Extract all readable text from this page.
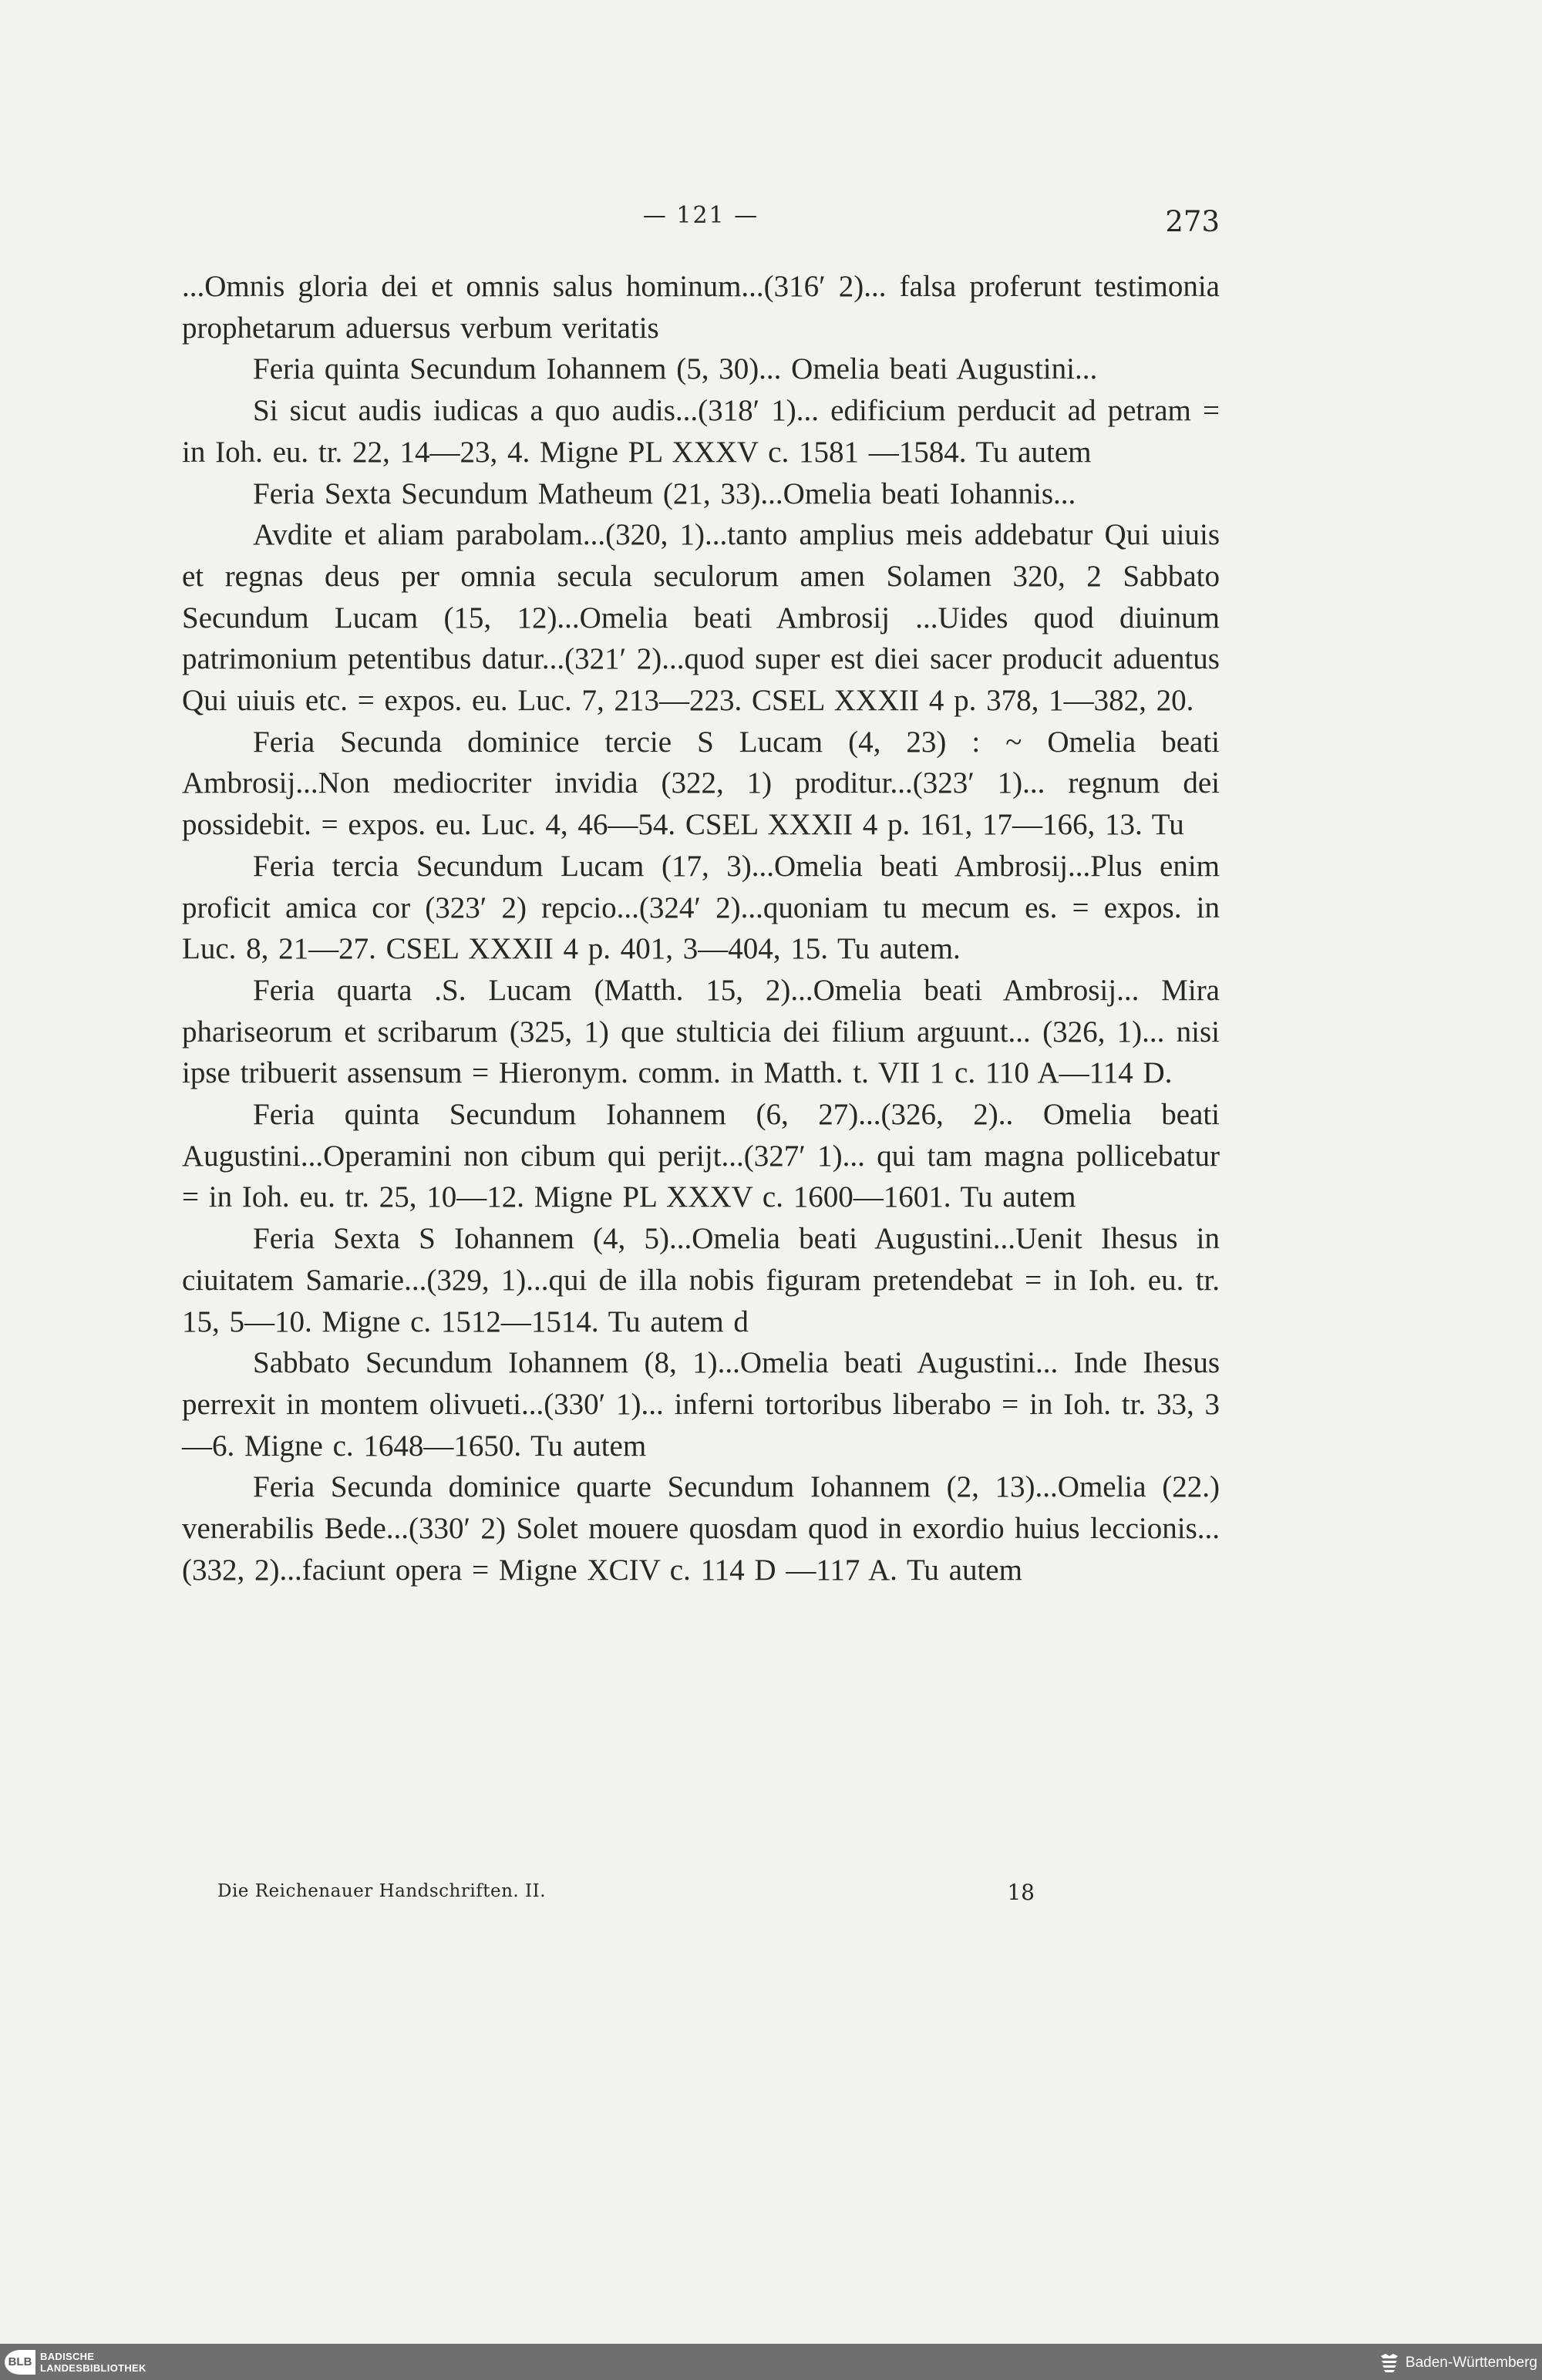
— 121 —	273

...Omnis gloria dei et omnis salus hominum...(316′ 2)... falsa proferunt testimonia prophetarum aduersus verbum veritatis

Feria quinta Secundum Iohannem (5, 30)... Omelia beati Augustini...

Si sicut audis iudicas a quo audis...(318′ 1)... edificium perducit ad petram = in Ioh. eu. tr. 22, 14—23, 4. Migne PL XXXV c. 1581 —1584. Tu autem

Feria Sexta Secundum Matheum (21, 33)...Omelia beati Iohannis...

Avdite et aliam parabolam...(320, 1)...tanto amplius meis addebatur Qui uiuis et regnas deus per omnia secula seculorum amen Solamen 320, 2 Sabbato Secundum Lucam (15, 12)...Omelia beati Ambrosij ...Uides quod diuinum patrimonium petentibus datur...(321′ 2)...quod super est diei sacer producit aduentus Qui uiuis etc. = expos. eu. Luc. 7, 213—223. CSEL XXXII 4 p. 378, 1—382, 20.

Feria Secunda dominice tercie S Lucam (4, 23) : ~ Omelia beati Ambrosij...Non mediocriter invidia (322, 1) proditur...(323′ 1)... regnum dei possidebit. = expos. eu. Luc. 4, 46—54. CSEL XXXII 4 p. 161, 17—166, 13. Tu

Feria tercia Secundum Lucam (17, 3)...Omelia beati Ambrosij...Plus enim proficit amica cor (323′ 2) repcio...(324′ 2)...quoniam tu mecum es. = expos. in Luc. 8, 21—27. CSEL XXXII 4 p. 401, 3—404, 15. Tu autem.

Feria quarta .S. Lucam (Matth. 15, 2)...Omelia beati Ambrosij... Mira phariseorum et scribarum (325, 1) que stulticia dei filium arguunt... (326, 1)... nisi ipse tribuerit assensum = Hieronym. comm. in Matth. t. VII 1 c. 110 A—114 D.

Feria quinta Secundum Iohannem (6, 27)...(326, 2).. Omelia beati Augustini...Operamini non cibum qui perijt...(327′ 1)... qui tam magna pollicebatur = in Ioh. eu. tr. 25, 10—12. Migne PL XXXV c. 1600—1601. Tu autem

Feria Sexta S Iohannem (4, 5)...Omelia beati Augustini...Uenit Ihesus in ciuitatem Samarie...(329, 1)...qui de illa nobis figuram pretendebat = in Ioh. eu. tr. 15, 5—10. Migne c. 1512—1514. Tu autem d

Sabbato Secundum Iohannem (8, 1)...Omelia beati Augustini... Inde Ihesus perrexit in montem olivueti...(330′ 1)... inferni tortoribus liberabo = in Ioh. tr. 33, 3—6. Migne c. 1648—1650. Tu autem

Feria Secunda dominice quarte Secundum Iohannem (2, 13)...Omelia (22.) venerabilis Bede...(330′ 2) Solet mouere quosdam quod in exordio huius leccionis...(332, 2)...faciunt opera = Migne XCIV c. 114 D —117 A. Tu autem

Die Reichenauer Handschriften. II.	18
BLB BADISCHE
LANDESBIBLIOTHEK	Baden-Württemberg
